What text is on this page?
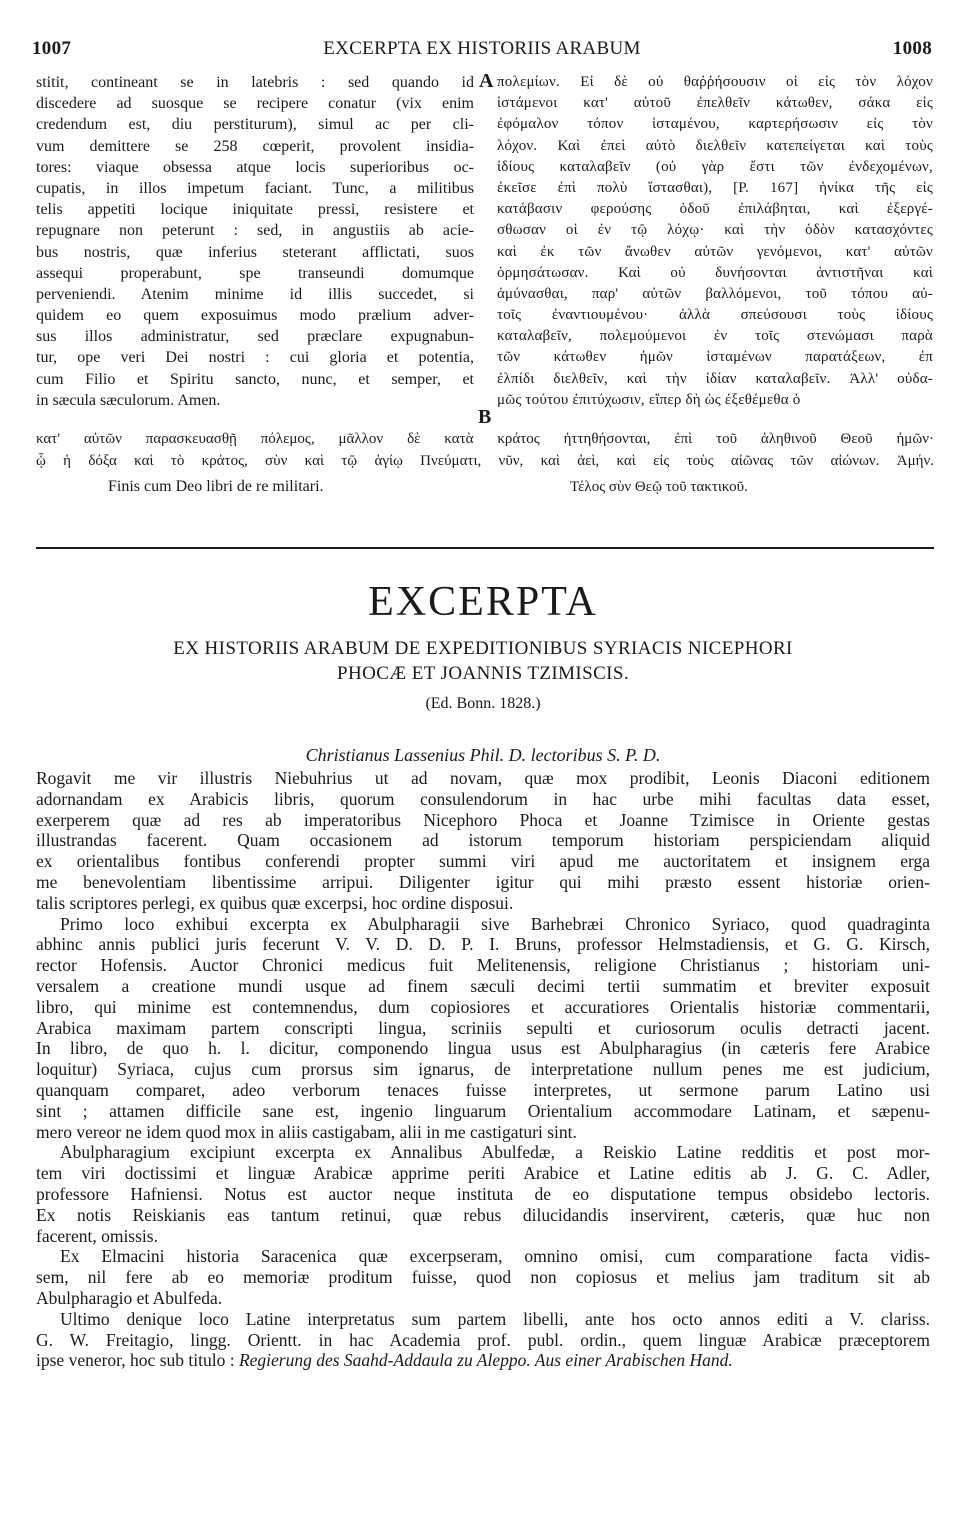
1007	EXCERPTA EX HISTORIIS ARABUM	1008
stitit, contineant se in latebris : sed quando id
discedere ad suosque se recipere conatur (vix enim
credendum est, diu perstiturum), simul ac per cli-
vum demittere se 258 cœperit, provolent insidia-
tores: viaque obsessa atque locis superioribus oc-
cupatis, in illos impetum faciant. Tunc, a militibus
telis appetiti locique iniquitate pressi, resistere et
repugnare non peterunt : sed, in angustiis ab acie-
bus nostris, quæ inferius steterant afflictati, suos
assequi properabunt, spe transeundi domumque
perveniendi. Atenim minime id illis succedet, si
quidem eo quem exposuimus modo prælium adver-
sus illos administratur, sed præclare expugnabun-
tur, ope veri Dei nostri : cui gloria et potentia,
cum Filio et Spiritu sancto, nunc, et semper, et
in sæcula sæculorum. Amen.
A
B
πολεμίων. Εἰ δὲ οὐ θαῤῥήσουσιν οἱ εἰς τὸν λόχον
ἱστάμενοι κατ' αὐτοῦ ἐπελθεῖν κάτωθεν, σάκα εἰς
ἐφόμαλον τόπον ἱσταμένου, καρτερήσωσιν εἰς τὸν
λόχον. Καὶ ἐπεὶ αὐτὸ διελθεῖν κατεπείγεται καὶ τοὺς
ἰδίους καταλαβεῖν (οὐ γὰρ ἔστι τῶν ἐνδεχομένων,
ἐκεῖσε ἐπὶ πολὺ ἵστασθαι), [P. 167] ἡνίκα τῆς εἰς
κατάβασιν φερούσης ὁδοῦ ἐπιλάβηται, καὶ ἐξεργέ-
σθωσαν οἱ ἐν τῷ λόχῳ· καὶ τὴν ὁδὸν κατασχόντες
καὶ ἐκ τῶν ἄνωθεν αὐτῶν γενόμενοι, κατ' αὐτῶν
ὁρμησάτωσαν. Καὶ οὐ δυνήσονται ἀντιστῆναι καὶ
ἀμύνασθαι, παρ' αὐτῶν βαλλόμενοι, τοῦ τόπου αὐ-
τοῖς ἐναντιουμένου· ἀλλὰ σπεύσουσι τοὺς ἰδίους
καταλαβεῖν, πολεμούμενοι ἐν τοῖς στενώμασι παρὰ
τῶν κάτωθεν ἡμῶν ἱσταμένων παρατάξεων, ἐπ
ἐλπίδι διελθεῖν, καὶ τὴν ἰδίαν καταλαβεῖν. Ἀλλ' οὐδα-
μῶς τούτου ἐπιτύχωσιν, εἴπερ δὴ ὡς ἐξεθέμεθα ὁ
κατ' αὐτῶν παρασκευασθῇ πόλεμος, μᾶλλον δὲ κατὰ κράτος ἡττηθήσονται, ἐπὶ τοῦ ἀληθινοῦ Θεοῦ ἡμῶν·
ᾧ ἡ δόξα καὶ τὸ κράτος, σὺν καὶ τῷ ἁγίῳ Πνεύματι, νῦν, καὶ ἀεὶ, καὶ εἰς τοὺς αἰῶνας τῶν αἰώνων. Ἀμήν.
Finis cum Deo libri de re militari.	Τέλος σὺν Θεῷ τοῦ τακτικοῦ.
EXCERPTA
EX HISTORIIS ARABUM DE EXPEDITIONIBUS SYRIACIS NICEPHORI
PHOCÆ ET JOANNIS TZIMISCIS.
(Ed. Bonn. 1828.)
Christianus Lassenius Phil. D. lectoribus S. P. D.
Rogavit me vir illustris Niebuhrius ut ad novam, quæ mox prodibit, Leonis Diaconi editionem
adornandam ex Arabicis libris, quorum consulendorum in hac urbe mihi facultas data esset,
exerperem quæ ad res ab imperatoribus Nicephoro Phoca et Joanne Tzimisce in Oriente gestas
illustrandas facerent. Quam occasionem ad istorum temporum historiam perspiciendam aliquid
ex orientalibus fontibus conferendi propter summi viri apud me auctoritatem et insignem erga
me benevolentiam libentissime arripui. Diligenter igitur qui mihi præsto essent historiæ orien-
talis scriptores perlegi, ex quibus quæ excerpsi, hoc ordine disposui.
Primo loco exhibui excerpta ex Abulpharagii sive Barhebræi Chronico Syriaco, quod quadraginta
abhinc annis publici juris fecerunt V. V. D. D. P. I. Bruns, professor Helmstadiensis, et G. G. Kirsch,
rector Hofensis. Auctor Chronici medicus fuit Melitenensis, religione Christianus ; historiam uni-
versalem a creatione mundi usque ad finem sæculi decimi tertii summatim et breviter exposuit
libro, qui minime est contemnendus, dum copiosiores et accuratiores Orientalis historiæ commentarii,
Arabica maximam partem conscripti lingua, scriniis sepulti et curiosorum oculis detracti jacent.
In libro, de quo h. l. dicitur, componendo lingua usus est Abulpharagius (in cæteris fere Arabice
loquitur) Syriaca, cujus cum prorsus sim ignarus, de interpretatione nullum penes me est judicium,
quanquam comparet, adeo verborum tenaces fuisse interpretes, ut sermone parum Latino usi
sint ; attamen difficile sane est, ingenio linguarum Orientalium accommodare Latinam, et sæpenu-
mero vereor ne idem quod mox in aliis castigabam, alii in me castigaturi sint.
Abulpharagium excipiunt excerpta ex Annalibus Abulfedæ, a Reiskio Latine redditis et post mor-
tem viri doctissimi et linguæ Arabicæ apprime periti Arabice et Latine editis ab J. G. C. Adler,
professore Hafniensi. Notus est auctor neque instituta de eo disputatione tempus obsidebo lectoris.
Ex notis Reiskianis eas tantum retinui, quæ rebus dilucidandis inservirent, cæteris, quæ huc non
facerent, omissis.
Ex Elmacini historia Saracenica quæ excerpseram, omnino omisi, cum comparatione facta vidis-
sem, nil fere ab eo memoriæ proditum fuisse, quod non copiosus et melius jam traditum sit ab
Abulpharagio et Abulfeda.
Ultimo denique loco Latine interpretatus sum partem libelli, ante hos octo annos editi a V. clariss.
G. W. Freitagio, lingg. Orientt. in hac Academia prof. publ. ordin., quem linguæ Arabicæ præceptorem
ipse veneror, hoc sub titulo : Regierung des Saahd-Addaula zu Aleppo. Aus einer Arabischen Hand.
